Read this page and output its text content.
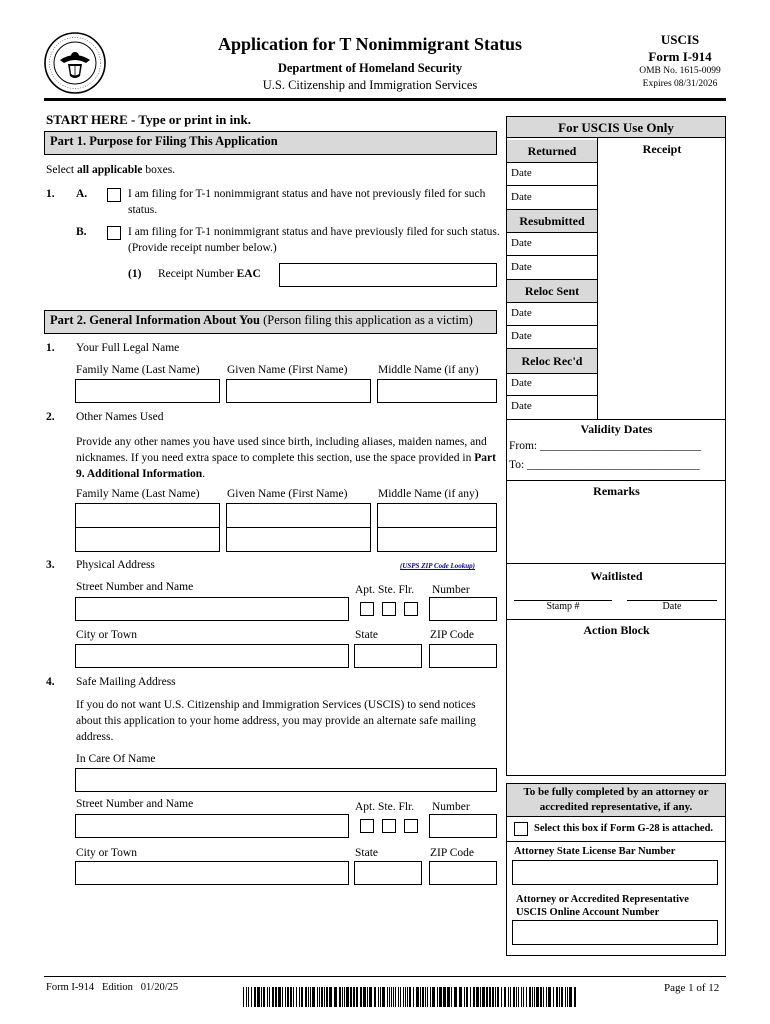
Application for T Nonimmigrant Status
Department of Homeland Security
U.S. Citizenship and Immigration Services
USCIS
Form I-914
OMB No. 1615-0099
Expires 08/31/2026
START HERE - Type or print in ink.
Part 1. Purpose for Filing This Application
Select all applicable boxes.
1. A.	I am filing for T-1 nonimmigrant status and have not previously filed for such status.
B.	I am filing for T-1 nonimmigrant status and have previously filed for such status. (Provide receipt number below.)
(1) Receipt Number EAC
Part 2. General Information About You (Person filing this application as a victim)
1. Your Full Legal Name
Family Name (Last Name) Given Name (First Name)	Middle Name (if any)
2. Other Names Used
Provide any other names you have used since birth, including aliases, maiden names, and nicknames. If you need extra space to complete this section, use the space provided in Part 9. Additional Information.
Family Name (Last Name) Given Name (First Name)	Middle Name (if any)
3. Physical Address	(USPS ZIP Code Lookup)
Street Number and Name	Apt. Ste. Flr. Number
City or Town	State	ZIP Code
4. Safe Mailing Address
If you do not want U.S. Citizenship and Immigration Services (USCIS) to send notices about this application to your home address, you may provide an alternate safe mailing address.
In Care Of Name
Street Number and Name	Apt. Ste. Flr. Number
City or Town	State	ZIP Code
For USCIS Use Only
Receipt
Returned
Date
Date
Resubmitted
Date
Date
Reloc Sent
Date
Date
Reloc Rec'd
Date
Date
Validity Dates
From: ____________________________
To: ______________________________
Remarks
Waitlisted
Stamp #	Date
Action Block
To be fully completed by an attorney or accredited representative, if any.
Select this box if Form G-28 is attached.
Attorney State License Bar Number
Attorney or Accredited Representative USCIS Online Account Number
Form I-914   Edition   01/20/25	Page 1 of 12
